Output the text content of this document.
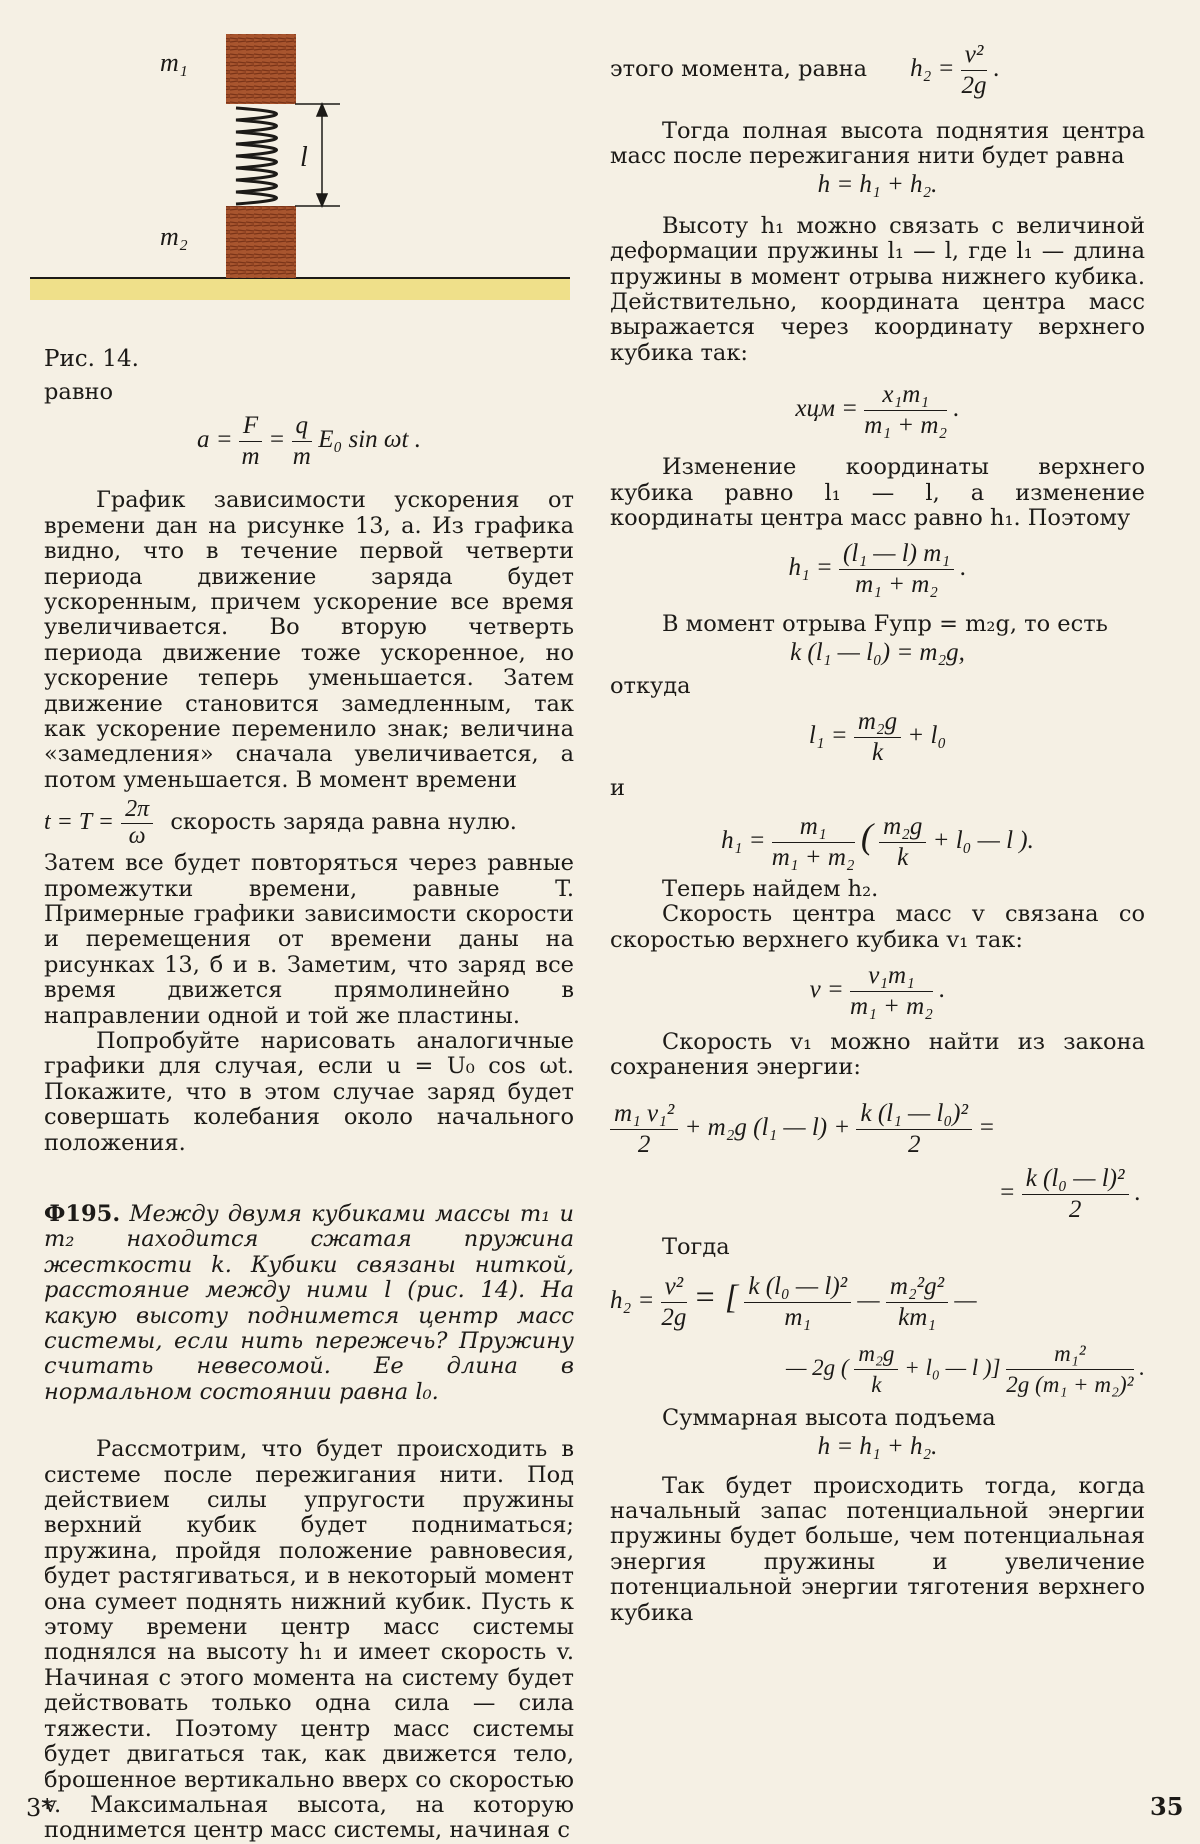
m₁
l
m₂
Рис. 14.

равно

$a = \frac{F}{m} = \frac{q}{m} E_0$ sin ωt .

График зависимости ускорения от времени дан на рисунке 13, а. Из графика видно, что в течение первой четверти периода движение заряда будет ускоренным, причем ускорение все время увеличивается. Во вторую четверть периода движение тоже ускоренное, но ускорение теперь уменьшается. Затем движение становится замедленным, так как ускорение переменило знак; величина «замедления» сначала увеличивается, а потом уменьшается. В момент времени

$t = T = \frac{2\pi}{\omega}$ скорость заряда равна нулю.

Затем все будет повторяться через равные промежутки времени, равные T. Примерные графики зависимости скорости и перемещения от времени даны на рисунках 13, б и в. Заметим, что заряд все время движется прямолинейно в направлении одной и той же пластины.

Попробуйте нарисовать аналогичные графики для случая, если u = U₀ cos ωt. Покажите, что в этом случае заряд будет совершать колебания около начального положения.

Ф195. Между двумя кубиками массы m₁ и m₂ находится сжатая пружина жесткости k. Кубики связаны ниткой, расстояние между ними l (рис. 14). На какую высоту поднимется центр масс системы, если нить пережечь? Пружину считать невесомой. Ее длина в нормальном состоянии равна l₀.

Рассмотрим, что будет происходить в системе после пережигания нити. Под действием силы упругости пружины верхний кубик будет подниматься; пружина, пройдя положение равновесия, будет растягиваться, и в некоторый момент она сумеет поднять нижний кубик. Пусть к этому времени центр масс системы поднялся на высоту h₁ и имеет скорость v. Начиная с этого момента на систему будет действовать только одна сила — сила тяжести. Поэтому центр масс системы будет двигаться так, как движется тело, брошенное вертикально вверх со скоростью v. Максимальная высота, на которую поднимется центр масс системы, начиная с

этого момента, равна $h_2 = \frac{\text{v²}}{2g}$ .

Тогда полная высота поднятия центра масс после пережигания нити будет равна

h = h₁ + h₂.

Высоту h₁ можно связать с величиной деформации пружины l₁ — l, где l₁ — длина пружины в момент отрыва нижнего кубика. Действительно, координата центра масс выражается через координату верхнего кубика так:

xцм = $\frac{\text{x₁m₁}}{\text{m₁ + m₂}}$ .

Изменение координаты верхнего кубика равно l₁ — l, а изменение координаты центра масс равно h₁. Поэтому

$h_1 = \frac{\text{(l₁ — l) m₁}}{\text{m₁ + m₂}}$ .

В момент отрыва Fупр = m₂g, то есть

k (l₁ — l₀) = m₂g,

откуда

$l_1 = \frac{\text{m₂g}}{k} + l_0$

и

$h_1 = \frac{\text{m₁}}{\text{m₁ + m₂}}$ ( $\frac{\text{m₂g}}{k} + l_0$ — l ).

Теперь найдем h₂.

Скорость центра масс v связана со скоростью верхнего кубика v₁ так:

$v = \frac{\text{v₁m₁}}{\text{m₁ + m₂}}$ .

Скорость v₁ можно найти из закона сохранения энергии:

$\frac{\text{m₁ v₁²}}{2} + m_2g$ (l₁ — $l) + \frac{\text{k (l₁ — l₀)²}}{2}$ =
= $\frac{\text{k (l₀ — l)²}}{2}$ .

Тогда

$h_2 = \frac{\text{v²}}{2g}$ = [ $\frac{\text{k (l₀ — l)²}}{\text{m₁}}$ — $\frac{\text{m₂²g²}}{\text{km₁}}$ —
— 2g ( $\frac{\text{m₂g}}{k} + l_0$ — l )] $\frac{\text{m₁²}}{\text{2g (m₁ + m₂)²}}$ .

Суммарная высота подъема

h = h₁ + h₂.

Так будет происходить тогда, когда начальный запас потенциальной энергии пружины будет больше, чем потенциальная энергия пружины и увеличение потенциальной энергии тяготения верхнего кубика

3*	35
